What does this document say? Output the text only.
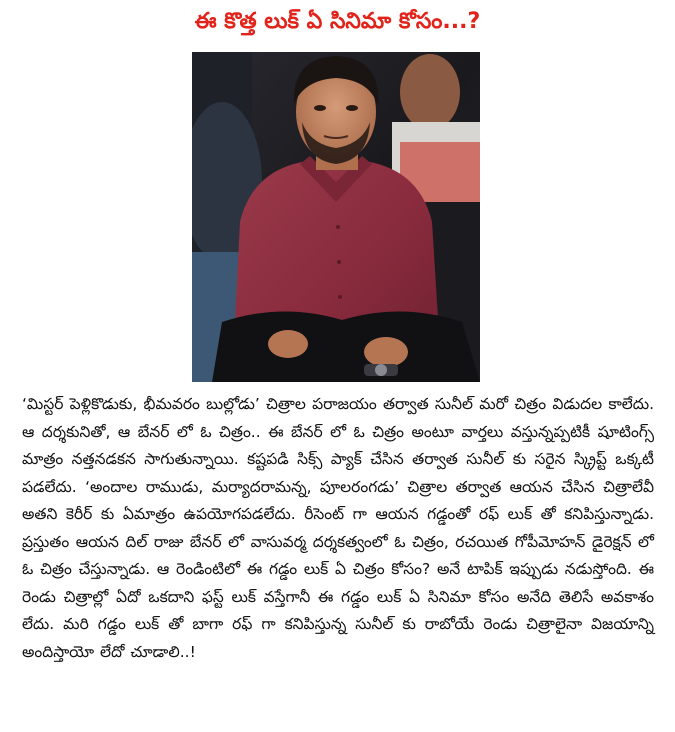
ఈ కొత్త లుక్ ఏ సినిమా కోసం...?

‘మిస్టర్ పెళ్లికొడుకు, భీమవరం బుల్లోడు’ చిత్రాల పరాజయం తర్వాత సునీల్ మరో చిత్రం విడుదల కాలేదు. ఆ దర్శకునితో, ఆ బేనర్ లో ఓ చిత్రం.. ఈ బేనర్ లో ఓ చిత్రం అంటూ వార్తలు వస్తున్నప్పటికీ షూటింగ్స్ మాత్రం నత్తనడకన సాగుతున్నాయి. కష్టపడి సిక్స్ ప్యాక్ చేసిన తర్వాత సునీల్ కు సరైన స్క్రిప్ట్ ఒక్కటీ పడలేదు. ‘అందాల రాముడు, మర్యాదరామన్న, పూలరంగడు’ చిత్రాల తర్వాత ఆయన చేసిన చిత్రాలేవీ అతని కెరీర్ కు ఏమాత్రం ఉపయోగపడలేదు. రీసెంట్ గా ఆయన గడ్డంతో రఫ్ లుక్ తో కనిపిస్తున్నాడు. ప్రస్తుతం ఆయన దిల్ రాజు బేనర్ లో వాసువర్మ దర్శకత్వంలో ఓ చిత్రం, రచయిత గోపీమోహన్ డైరెక్షన్ లో ఓ చిత్రం చేస్తున్నాడు. ఆ రెండింటిలో ఈ గడ్డం లుక్ ఏ చిత్రం కోసం? అనే టాపిక్ ఇప్పుడు నడుస్తోంది. ఈ రెండు చిత్రాల్లో ఏదో ఒకదాని ఫస్ట్ లుక్ వస్తేగానీ ఈ గడ్డం లుక్ ఏ సినిమా కోసం అనేది తెలిసే అవకాశం లేదు. మరి గడ్డం లుక్ తో బాగా రఫ్ గా కనిపిస్తున్న సునీల్ కు రాబోయే రెండు చిత్రాలైనా విజయాన్ని అందిస్తాయో లేదో చూడాలి..!
